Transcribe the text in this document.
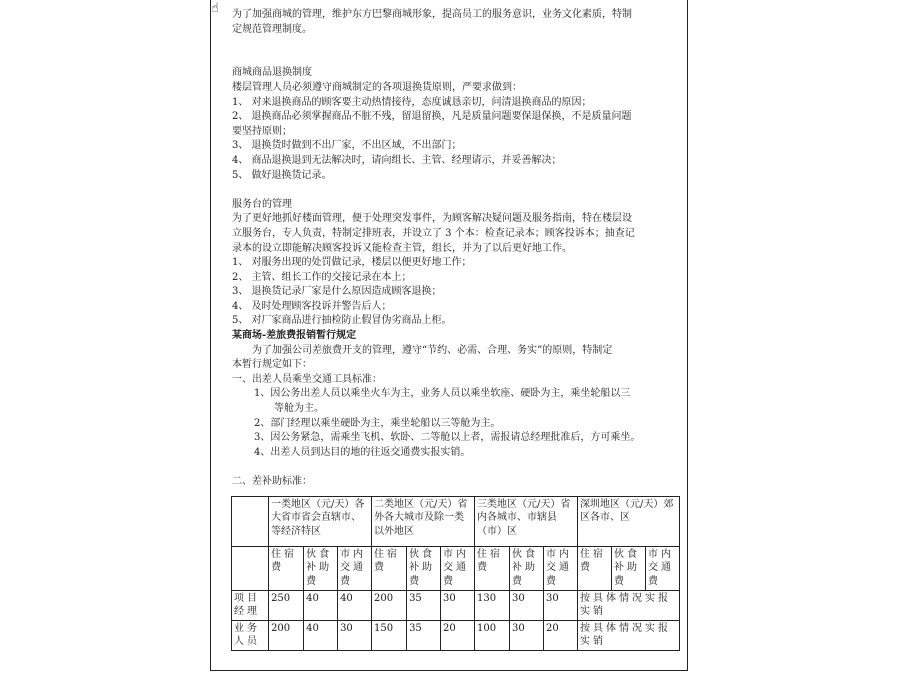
☝	为了加强商城的管理，维护东方巴黎商城形象，提高员工的服务意识，业务文化素质，特制

定规范管理制度。

商城商品退换制度

楼层管理人员必须遵守商城制定的各项退换货原则，严要求做到：

1、 对来退换商品的顾客要主动热情接待，态度诚恳亲切，问清退换商品的原因；

2、 退换商品必须掌握商品不脏不残，留退留换，凡是质量问题要保退保换，不是质量问题

要坚持原则；

3、 退换货时做到不出厂家，不出区域，不出部门；

4、 商品退换退到无法解决时，请向组长、主管、经理请示，并妥善解决；

5、 做好退换货记录。

服务台的管理

为了更好地抓好楼面管理，便于处理突发事件，为顾客解决疑问题及服务指南，特在楼层设

立服务台，专人负责，特制定排班表，并设立了 3 个本：检查记录本；顾客投诉本；抽查记

录本的设立即能解决顾客投诉又能检查主管，组长，并为了以后更好地工作。

1、 对服务出现的处罚做记录，楼层以便更好地工作；

2、 主管、组长工作的交接记录在本上；

3、 退换货记录厂家是什么原因造成顾客退换；

4、 及时处理顾客投诉并警告后人；

5、 对厂家商品进行抽检防止假冒伪劣商品上柜。

某商场-差旅费报销暂行规定

为了加强公司差旅费开支的管理，遵守“节约、必需、合理、务实”的原则，特制定

本暂行规定如下：

一、出差人员乘坐交通工具标准：

1、因公务出差人员以乘坐火车为主，业务人员以乘坐软座、硬卧为主，乘坐轮船以三

等舱为主。

2、部门经理以乘坐硬卧为主，乘坐轮船以三等舱为主。

3、因公务紧急，需乘坐飞机、软卧、二等舱以上者，需报请总经理批准后，方可乘坐。

4、出差人员到达目的地的往返交通费实报实销。

二、差补助标准：

	一类地区（元/天）各大省市省会直辖市、等经济特区			二类地区（元/天）省外各大城市及除一类以外地区			三类地区（元/天）省内各城市、市辖县（市）区			深圳地区（元/天）郊区各市、区		
	住宿费	伙食补助费	市内交通费	住宿费	伙食补助费	市内交通费	住宿费	伙食补助费	市内交通费	住宿费	伙食补助费	市内交通费
项目经理	250	40	40	200	35	30	130	30	30	按具体情况实报实销		
业务人员	200	40	30	150	35	20	100	30	20	按具体情况实报实销		
